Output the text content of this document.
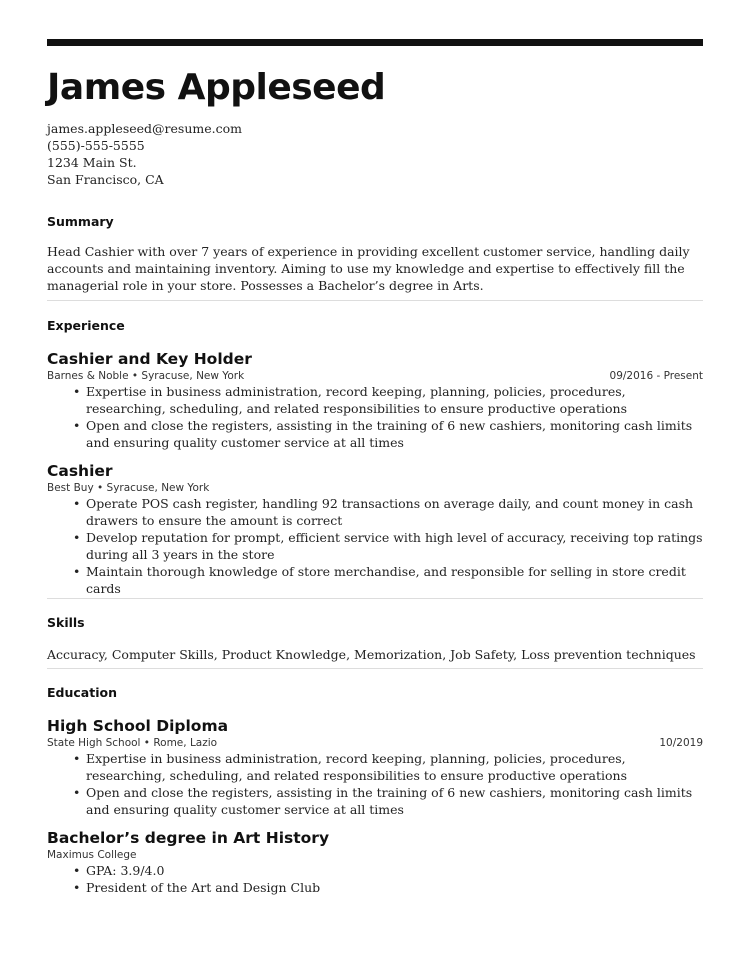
James Appleseed
james.appleseed@resume.com
(555)-555-5555
1234 Main St.
San Francisco, CA
Summary
Head Cashier with over 7 years of experience in providing excellent customer service, handling daily accounts and maintaining inventory. Aiming to use my knowledge and expertise to effectively fill the managerial role in your store. Possesses a Bachelor’s degree in Arts.
Experience
Cashier and Key Holder
Barnes & Noble • Syracuse, New York	09/2016 - Present
• Expertise in business administration, record keeping, planning, policies, procedures, researching, scheduling, and related responsibilities to ensure productive operations
• Open and close the registers, assisting in the training of 6 new cashiers, monitoring cash limits and ensuring quality customer service at all times
Cashier
Best Buy • Syracuse, New York
• Operate POS cash register, handling 92 transactions on average daily, and count money in cash drawers to ensure the amount is correct
• Develop reputation for prompt, efficient service with high level of accuracy, receiving top ratings during all 3 years in the store
• Maintain thorough knowledge of store merchandise, and responsible for selling in store credit cards
Skills
Accuracy, Computer Skills, Product Knowledge, Memorization, Job Safety, Loss prevention techniques
Education
High School Diploma
State High School • Rome, Lazio	10/2019
• Expertise in business administration, record keeping, planning, policies, procedures, researching, scheduling, and related responsibilities to ensure productive operations
• Open and close the registers, assisting in the training of 6 new cashiers, monitoring cash limits and ensuring quality customer service at all times
Bachelor’s degree in Art History
Maximus College
• GPA: 3.9/4.0
• President of the Art and Design Club
